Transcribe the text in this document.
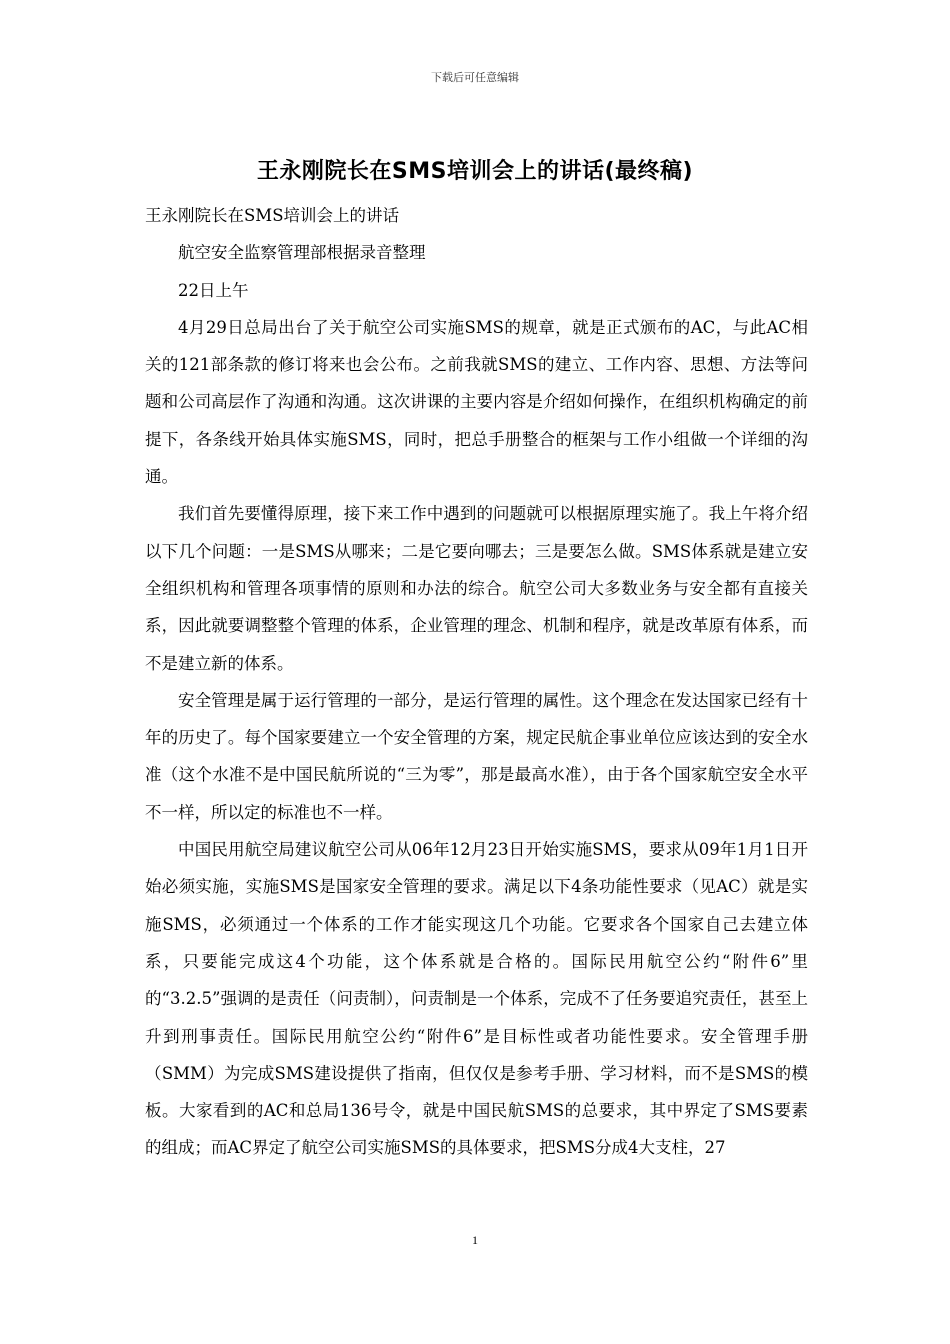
下载后可任意编辑
王永刚院长在SMS培训会上的讲话(最终稿)

王永刚院长在SMS培训会上的讲话

航空安全监察管理部根据录音整理

22日上午

4月29日总局出台了关于航空公司实施SMS的规章，就是正式颁布的AC，与此AC相关的121部条款的修订将来也会公布。之前我就SMS的建立、工作内容、思想、方法等问题和公司高层作了沟通和沟通。这次讲课的主要内容是介绍如何操作，在组织机构确定的前提下，各条线开始具体实施SMS，同时，把总手册整合的框架与工作小组做一个详细的沟通。

我们首先要懂得原理，接下来工作中遇到的问题就可以根据原理实施了。我上午将介绍以下几个问题：一是SMS从哪来；二是它要向哪去；三是要怎么做。SMS体系就是建立安全组织机构和管理各项事情的原则和办法的综合。航空公司大多数业务与安全都有直接关系，因此就要调整整个管理的体系，企业管理的理念、机制和程序，就是改革原有体系，而不是建立新的体系。

安全管理是属于运行管理的一部分，是运行管理的属性。这个理念在发达国家已经有十年的历史了。每个国家要建立一个安全管理的方案，规定民航企事业单位应该达到的安全水准（这个水准不是中国民航所说的“三为零”，那是最高水准），由于各个国家航空安全水平不一样，所以定的标准也不一样。

中国民用航空局建议航空公司从06年12月23日开始实施SMS，要求从09年1月1日开始必须实施，实施SMS是国家安全管理的要求。满足以下4条功能性要求（见AC）就是实施SMS，必须通过一个体系的工作才能实现这几个功能。它要求各个国家自己去建立体系，只要能完成这4个功能，这个体系就是合格的。国际民用航空公约“附件6”里的“3.2.5”强调的是责任（问责制），问责制是一个体系，完成不了任务要追究责任，甚至上升到刑事责任。国际民用航空公约“附件6”是目标性或者功能性要求。安全管理手册（SMM）为完成SMS建设提供了指南，但仅仅是参考手册、学习材料，而不是SMS的模板。大家看到的AC和总局136号令，就是中国民航SMS的总要求，其中界定了SMS要素的组成；而AC界定了航空公司实施SMS的具体要求，把SMS分成4大支柱，27

1
